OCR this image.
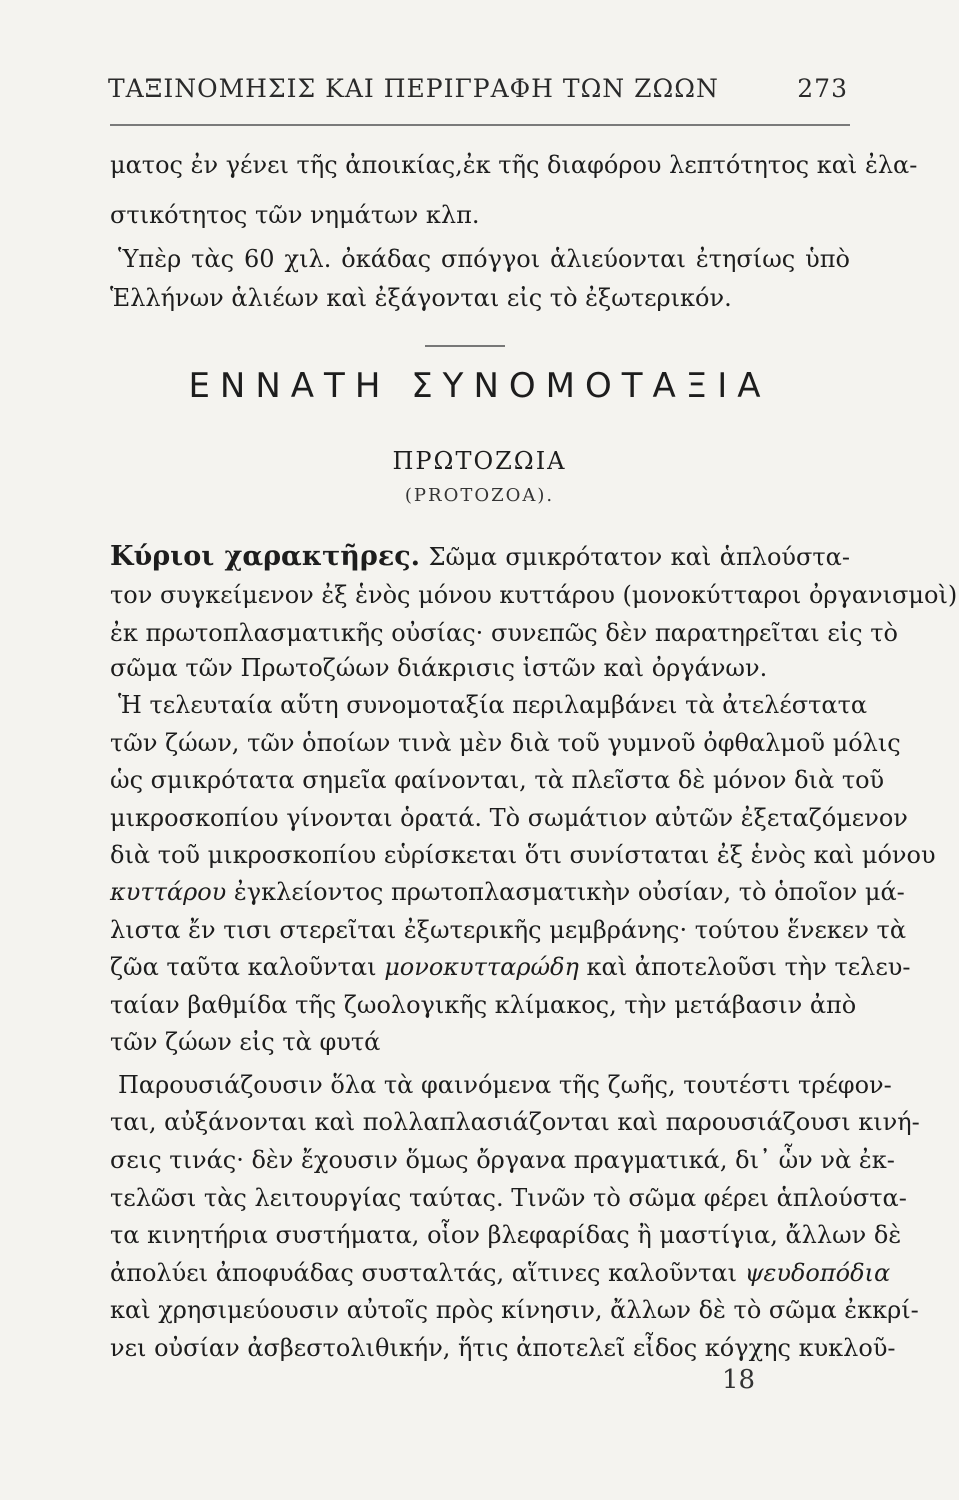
ΤΑΞΙΝΟΜΗΣΙΣ ΚΑΙ ΠΕΡΙΓΡΑΦΗ ΤΩΝ ΖΩΩΝ	273
ματος ἐν γένει τῆς ἀποικίας,ἐκ τῆς διαφόρου λεπτότητος καὶ ἐλα-
στικότητος τῶν νημάτων κλπ.
Ὑπὲρ τὰς 60 χιλ. ὀκάδας σπόγγοι ἁλιεύονται ἐτησίως ὑπὸ
Ἑλλήνων ἁλιέων καὶ ἐξάγονται εἰς τὸ ἐξωτερικόν.
ΕΝΝΑΤΗ ΣΥΝΟΜΟΤΑΞΙΑ
ΠΡΩΤΟΖΩΙΑ
(PROTOZOA).
Κύριοι χαρακτῆρες. Σῶμα σμικρότατον καὶ ἁπλούστα-
τον συγκείμενον ἐξ ἑνὸς μόνου κυττάρου (μονοκύτταροι ὀργανισμοὶ)
ἐκ πρωτοπλασματικῆς οὐσίας· συνεπῶς δὲν παρατηρεῖται εἰς τὸ
σῶμα τῶν Πρωτοζώων διάκρισις ἱστῶν καὶ ὀργάνων.
Ἡ τελευταία αὕτη συνομοταξία περιλαμβάνει τὰ ἀτελέστατα
τῶν ζώων, τῶν ὁποίων τινὰ μὲν διὰ τοῦ γυμνοῦ ὀφθαλμοῦ μόλις
ὡς σμικρότατα σημεῖα φαίνονται, τὰ πλεῖστα δὲ μόνον διὰ τοῦ
μικροσκοπίου γίνονται ὁρατά. Τὸ σωμάτιον αὐτῶν ἐξεταζόμενον
διὰ τοῦ μικροσκοπίου εὑρίσκεται ὅτι συνίσταται ἐξ ἑνὸς καὶ μόνου
κυττάρου ἐγκλείοντος πρωτοπλασματικὴν οὐσίαν, τὸ ὁποῖον μά-
λιστα ἔν τισι στερεῖται ἐξωτερικῆς μεμβράνης· τούτου ἕνεκεν τὰ
ζῶα ταῦτα καλοῦνται μονοκυτταρώδη καὶ ἀποτελοῦσι τὴν τελευ-
ταίαν βαθμίδα τῆς ζωολογικῆς κλίμακος, τὴν μετάβασιν ἀπὸ
τῶν ζώων εἰς τὰ φυτά
Παρουσιάζουσιν ὅλα τὰ φαινόμενα τῆς ζωῆς, τουτέστι τρέφον-
ται, αὐξάνονται καὶ πολλαπλασιάζονται καὶ παρουσιάζουσι κινή-
σεις τινάς· δὲν ἔχουσιν ὅμως ὄργανα πραγματικά, δι᾽ ὧν νὰ ἐκ-
τελῶσι τὰς λειτουργίας ταύτας. Τινῶν τὸ σῶμα φέρει ἁπλούστα-
τα κινητήρια συστήματα, οἷον βλεφαρίδας ἢ μαστίγια, ἄλλων δὲ
ἀπολύει ἀποφυάδας συσταλτάς, αἵτινες καλοῦνται ψευδοπόδια
καὶ χρησιμεύουσιν αὐτοῖς πρὸς κίνησιν, ἄλλων δὲ τὸ σῶμα ἐκκρί-
νει οὐσίαν ἀσβεστολιθικήν, ἥτις ἀποτελεῖ εἶδος κόγχης κυκλοῦ-
18
